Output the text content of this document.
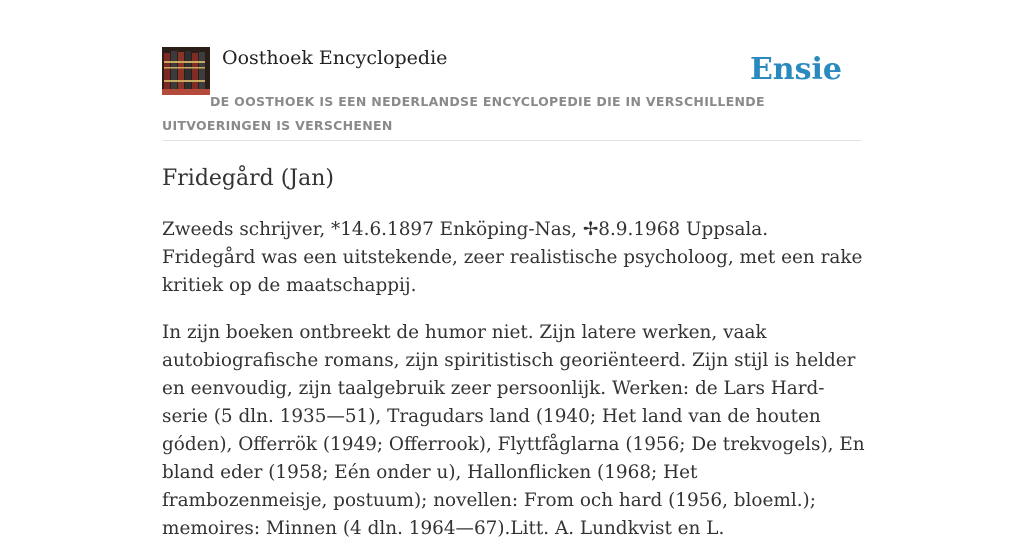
Oosthoek Encyclopedie	Ensie
DE OOSTHOEK IS EEN NEDERLANDSE ENCYCLOPEDIE DIE IN VERSCHILLENDE UITVOERINGEN IS VERSCHENEN
Fridegård (Jan)

Zweeds schrijver, *14.6.1897 Enköping-Nas, ✢8.9.1968 Uppsala. Fridegård was een uitstekende, zeer realistische psycholoog, met een rake kritiek op de maatschappij.

In zijn boeken ontbreekt de humor niet. Zijn latere werken, vaak autobiografische romans, zijn spiritistisch georiënteerd. Zijn stijl is helder en eenvoudig, zijn taalgebruik zeer persoonlijk. Werken: de Lars Hard-serie (5 dln. 1935—51), Tragudars land (1940; Het land van de houten góden), Offerrök (1949; Offerrook), Flyttfåglarna (1956; De trekvogels), En bland eder (1958; Eén onder u), Hallonflicken (1968; Het frambozenmeisje, postuum); novellen: From och hard (1956, bloeml.); memoires: Minnen (4 dln. 1964—67).Litt. A. Lundkvist en L.
